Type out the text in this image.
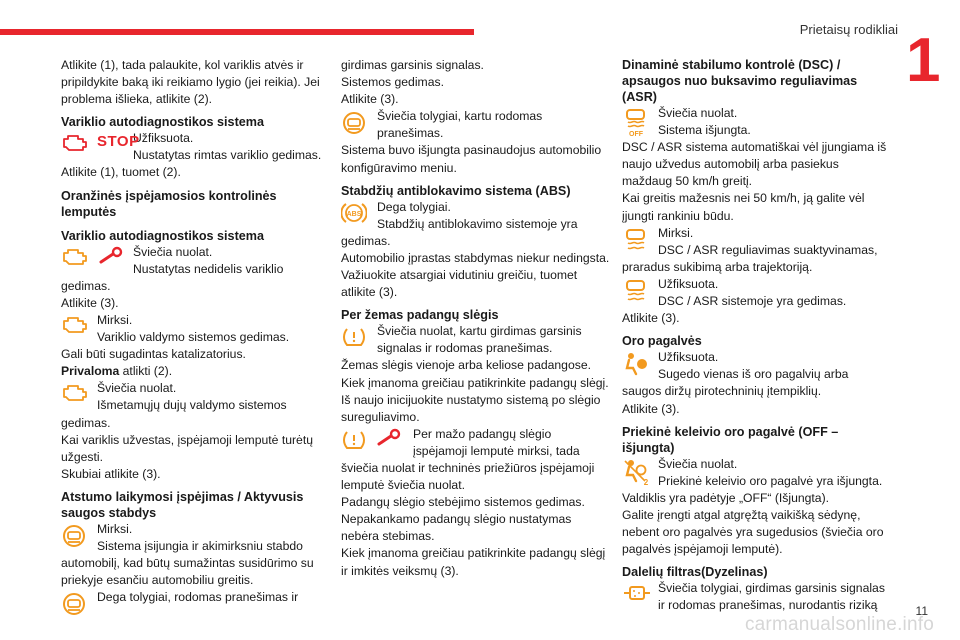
Prietaisų rodikliai 1
11
carmanualsonline.info

Atlikite (1), tada palaukite, kol variklis atvės ir pripildykite baką iki reikiamo lygio (jei reikia). Jei problema išlieka, atlikite (2).

Variklio autodiagnostikos sistema
STOP

Užfiksuota.

Nustatytas rimtas variklio gedimas.

Atlikite (1), tuomet (2).

Oranžinės įspėjamosios kontrolinės lemputės
Variklio autodiagnostikos sistema

Šviečia nuolat.

Nustatytas nedidelis variklio

gedimas.

Atlikite (3).

Mirksi.

Variklio valdymo sistemos gedimas.

Gali būti sugadintas katalizatorius.

Privaloma atlikti (2).

Šviečia nuolat.

Išmetamųjų dujų valdymo sistemos

gedimas.

Kai variklis užvestas, įspėjamoji lemputė turėtų užgesti.

Skubiai atlikite (3).

Atstumo laikymosi įspėjimas / Aktyvusis saugos stabdys

Mirksi.

Sistema įsijungia ir akimirksniu stabdo

automobilį, kad būtų sumažintas susidūrimo su priekyje esančiu automobiliu greitis.

Dega tolygiai, rodomas pranešimas ir

girdimas garsinis signalas.

Sistemos gedimas.

Atlikite (3).

Šviečia tolygiai, kartu rodomas

pranešimas.

Sistema buvo išjungta pasinaudojus automobilio konfigūravimo meniu.

Stabdžių antiblokavimo sistema (ABS)
ABS

Dega tolygiai.

Stabdžių antiblokavimo sistemoje yra

gedimas.

Automobilio įprastas stabdymas niekur nedingsta.

Važiuokite atsargiai vidutiniu greičiu, tuomet atlikite (3).

Per žemas padangų slėgis

Šviečia nuolat, kartu girdimas garsinis

signalas ir rodomas pranešimas.

Žemas slėgis vienoje arba keliose padangose.

Kiek įmanoma greičiau patikrinkite padangų slėgį.

Iš naujo inicijuokite nustatymo sistemą po slėgio sureguliavimo.

Per mažo padangų slėgio

įspėjamoji lemputė mirksi, tada

šviečia nuolat ir techninės priežiūros įspėjamoji lemputė šviečia nuolat.

Padangų slėgio stebėjimo sistemos gedimas.

Nepakankamo padangų slėgio nustatymas nebėra stebimas.

Kiek įmanoma greičiau patikrinkite padangų slėgį ir imkitės veiksmų (3).

Dinaminė stabilumo kontrolė (DSC) / apsaugos nuo buksavimo reguliavimas (ASR)
OFF

Šviečia nuolat.

Sistema išjungta.

DSC / ASR sistema automatiškai vėl įjungiama iš naujo užvedus automobilį arba pasiekus maždaug 50 km/h greitį.

Kai greitis mažesnis nei 50 km/h, ją galite vėl įjungti rankiniu būdu.

Mirksi.

DSC / ASR reguliavimas suaktyvinamas,

praradus sukibimą arba trajektoriją.

Užfiksuota.

DSC / ASR sistemoje yra gedimas.

Atlikite (3).

Oro pagalvės

Užfiksuota.

Sugedo vienas iš oro pagalvių arba

saugos diržų pirotechninių įtempiklių.

Atlikite (3).

Priekinė keleivio oro pagalvė (OFF – išjungta)
2

Šviečia nuolat.

Priekinė keleivio oro pagalvė yra išjungta.

Valdiklis yra padėtyje „OFF“ (Išjungta).

Galite įrengti atgal atgręžtą vaikišką sėdynę, nebent oro pagalvės yra sugedusios (šviečia oro pagalvės įspėjamoji lemputė).

Dalelių filtras(Dyzelinas)

Šviečia tolygiai, girdimas garsinis signalas

ir rodomas pranešimas, nurodantis riziką
